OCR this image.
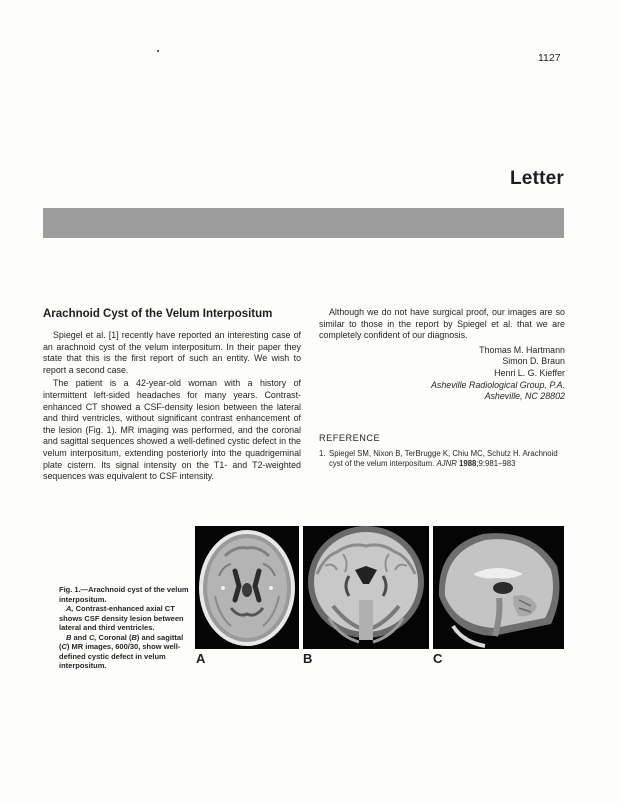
1127
Letter
Arachnoid Cyst of the Velum Interpositum

Spiegel et al. [1] recently have reported an interesting case of an arachnoid cyst of the velum interpositum. In their paper they state that this is the first report of such an entity. We wish to report a second case.

The patient is a 42-year-old woman with a history of intermittent left-sided headaches for many years. Contrast-enhanced CT showed a CSF-density lesion between the lateral and third ventricles, without significant contrast enhancement of the lesion (Fig. 1). MR imaging was performed, and the coronal and sagittal sequences showed a well-defined cystic defect in the velum interpositum, extending posteriorly into the quadrigeminal plate cistern. Its signal intensity on the T1- and T2-weighted sequences was equivalent to CSF intensity.

Although we do not have surgical proof, our images are so similar to those in the report by Spiegel et al. that we are completely confident of our diagnosis.

Thomas M. Hartmann
Simon D. Braun
Henri L. G. Kieffer
Asheville Radiological Group, P.A.
Asheville, NC 28802
REFERENCE
1. Spiegel SM, Nixon B, TerBrugge K, Chiu MC, Schutz H. Arachnoid cyst of the velum interpositum. AJNR 1988;9:981–983
Fig. 1.—Arachnoid cyst of the velum interpositum.
A, Contrast-enhanced axial CT shows CSF density lesion between lateral and third ventricles.
B and C, Coronal (B) and sagittal (C) MR images, 600/30, show well-defined cystic defect in velum interpositum.	A	B	C
